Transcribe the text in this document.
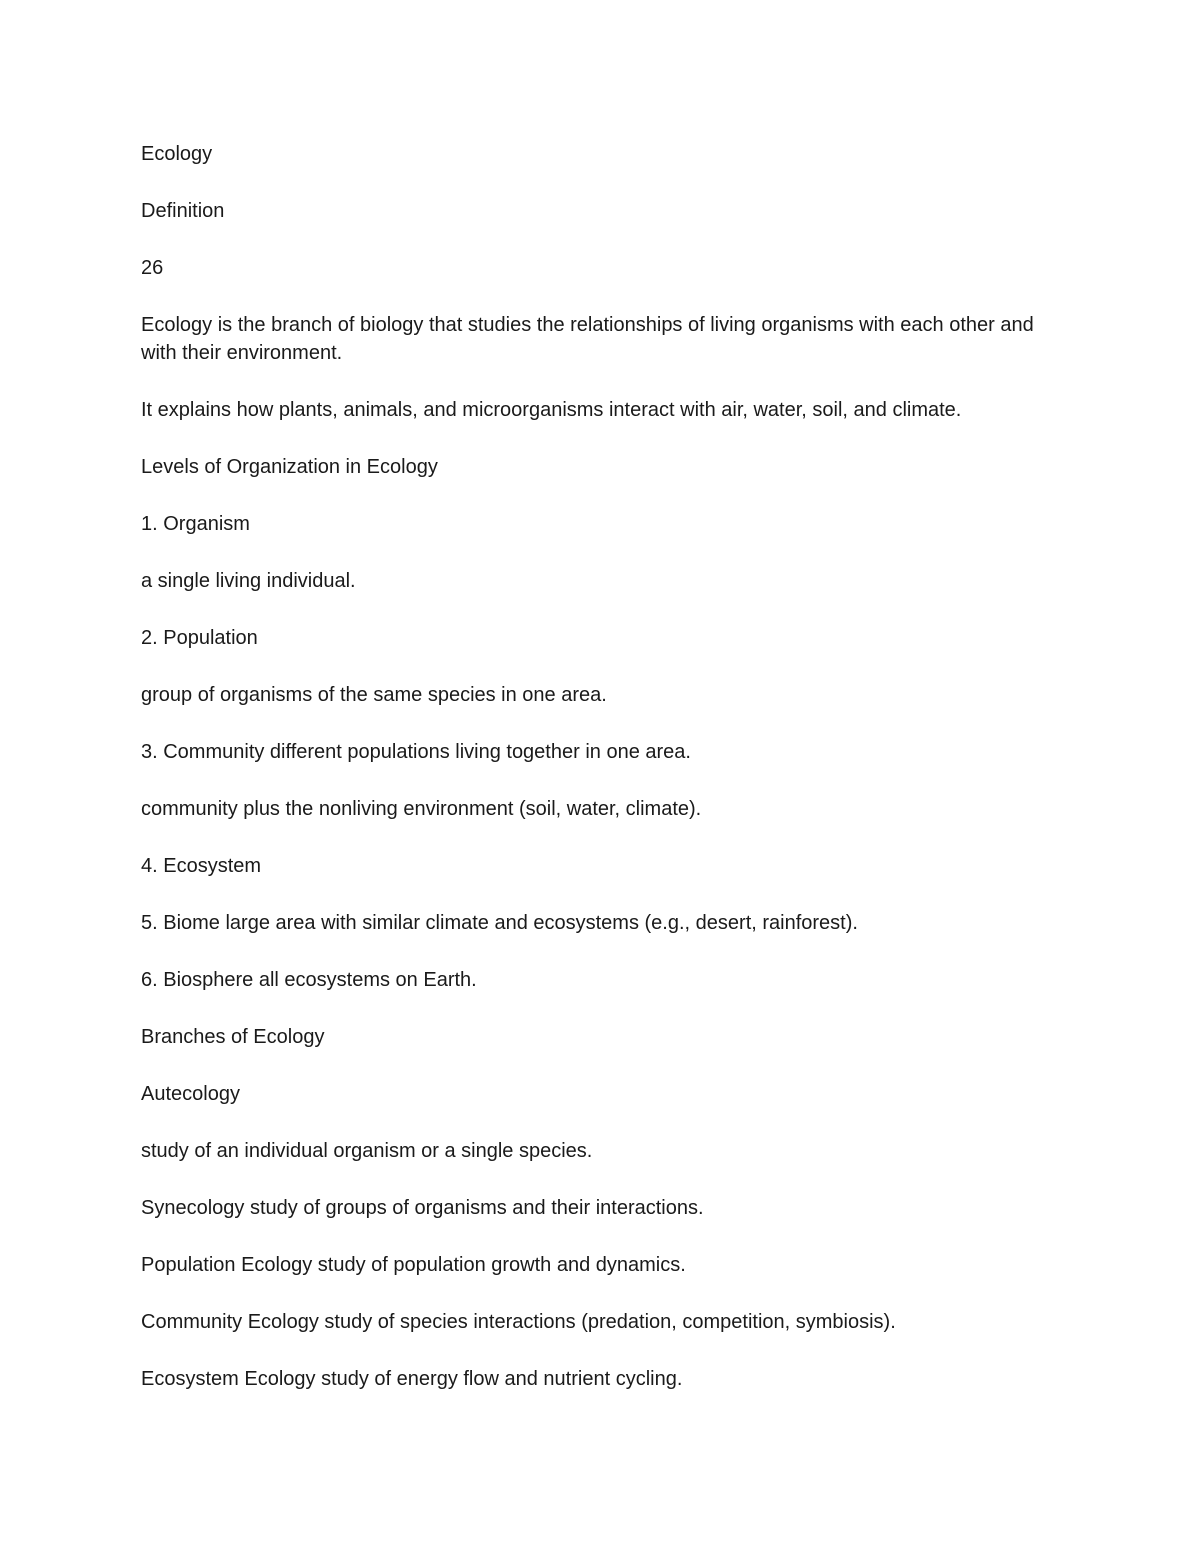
Ecology

Definition

26

Ecology is the branch of biology that studies the relationships of living organisms with each other and with their environment.

It explains how plants, animals, and microorganisms interact with air, water, soil, and climate.

Levels of Organization in Ecology

1. Organism

a single living individual.

2. Population

group of organisms of the same species in one area.

3. Community different populations living together in one area.

community plus the nonliving environment (soil, water, climate).

4. Ecosystem

5. Biome large area with similar climate and ecosystems (e.g., desert, rainforest).

6. Biosphere all ecosystems on Earth.

Branches of Ecology

Autecology

study of an individual organism or a single species.

Synecology study of groups of organisms and their interactions.

Population Ecology study of population growth and dynamics.

Community Ecology study of species interactions (predation, competition, symbiosis).

Ecosystem Ecology study of energy flow and nutrient cycling.
